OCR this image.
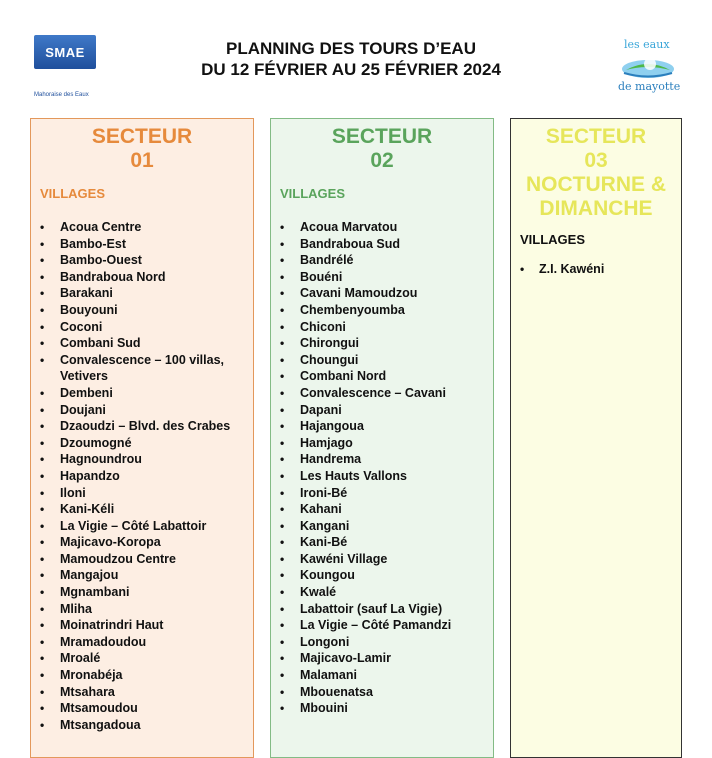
SMAE
Mahoraise des Eaux
PLANNING DES TOURS D’EAU
DU 12 FÉVRIER AU 25 FÉVRIER 2024
les eaux
de mayotte
SECTEUR
01
VILLAGES
• Acoua Centre
• Bambo-Est
• Bambo-Ouest
• Bandraboua Nord
• Barakani
• Bouyouni
• Coconi
• Combani Sud
• Convalescence – 100 villas, Vetivers
• Dembeni
• Doujani
• Dzaoudzi – Blvd. des Crabes
• Dzoumogné
• Hagnoundrou
• Hapandzo
• Iloni
• Kani-Kéli
• La Vigie – Côté Labattoir
• Majicavo-Koropa
• Mamoudzou Centre
• Mangajou
• Mgnambani
• Mliha
• Moinatrindri Haut
• Mramadoudou
• Mroalé
• Mronabéja
• Mtsahara
• Mtsamoudou
• Mtsangadoua
SECTEUR
02
VILLAGES
• Acoua Marvatou
• Bandraboua Sud
• Bandrélé
• Bouéni
• Cavani Mamoudzou
• Chembenyoumba
• Chiconi
• Chirongui
• Choungui
• Combani Nord
• Convalescence – Cavani
• Dapani
• Hajangoua
• Hamjago
• Handrema
• Les Hauts Vallons
• Ironi-Bé
• Kahani
• Kangani
• Kani-Bé
• Kawéni Village
• Koungou
• Kwalé
• Labattoir (sauf La Vigie)
• La Vigie – Côté Pamandzi
• Longoni
• Majicavo-Lamir
• Malamani
• Mbouenatsa
• Mbouini
SECTEUR
03
NOCTURNE &
DIMANCHE
VILLAGES
• Z.I. Kawéni
